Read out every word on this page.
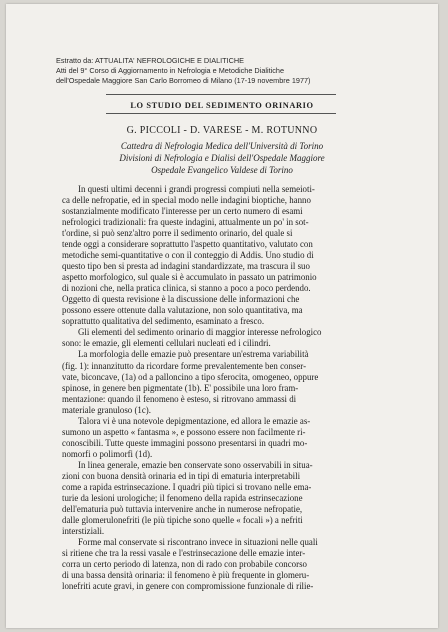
Estratto da: ATTUALITA' NEFROLOGICHE E DIALITICHE
Atti del 9° Corso di Aggiornamento in Nefrologia e Metodiche Dialitiche
dell'Ospedale Maggiore San Carlo Borromeo di Milano (17-19 novembre 1977)
LO STUDIO DEL SEDIMENTO ORINARIO
G. PICCOLI - D. VARESE - M. ROTUNNO
Cattedra di Nefrologia Medica dell'Università di Torino
Divisioni di Nefrologia e Dialisi dell'Ospedale Maggiore
Ospedale Evangelico Valdese di Torino
In questi ultimi decenni i grandi progressi compiuti nella semeioti-
ca delle nefropatie, ed in special modo nelle indagini bioptiche, hanno
sostanzialmente modificato l'interesse per un certo numero di esami
nefrologici tradizionali: fra queste indagini, attualmente un po' in sot-
t'ordine, si può senz'altro porre il sedimento orinario, del quale si
tende oggi a considerare soprattutto l'aspetto quantitativo, valutato con
metodiche semi-quantitative o con il conteggio di Addis. Uno studio di
questo tipo ben si presta ad indagini standardizzate, ma trascura il suo
aspetto morfologico, sul quale si è accumulato in passato un patrimonio
di nozioni che, nella pratica clinica, si stanno a poco a poco perdendo.
Oggetto di questa revisione è la discussione delle informazioni che
possono essere ottenute dalla valutazione, non solo quantitativa, ma
soprattutto qualitativa del sedimento, esaminato a fresco.
Gli elementi del sedimento orinario di maggior interesse nefrologico
sono: le emazie, gli elementi cellulari nucleati ed i cilindri.
La morfologia delle emazie può presentare un'estrema variabilità
(fig. 1): innanzitutto da ricordare forme prevalentemente ben conser-
vate, biconcave, (1a) od a palloncino a tipo sferocita, omogeneo, oppure
spinose, in genere ben pigmentate (1b). E' possibile una loro fram-
mentazione: quando il fenomeno è esteso, si ritrovano ammassi di
materiale granuloso (1c).
Talora vi è una notevole depigmentazione, ed allora le emazie as-
sumono un aspetto « fantasma », e possono essere non facilmente ri-
conoscibili. Tutte queste immagini possono presentarsi in quadri mo-
nomorfi o polimorfi (1d).
In linea generale, emazie ben conservate sono osservabili in situa-
zioni con buona densità orinaria ed in tipi di ematuria interpretabili
come a rapida estrinsecazione. I quadri più tipici si trovano nelle ema-
turie da lesioni urologiche; il fenomeno della rapida estrinsecazione
dell'ematuria può tuttavia intervenire anche in numerose nefropatie,
dalle glomerulonefriti (le più tipiche sono quelle « focali ») a nefriti
interstiziali.
Forme mal conservate si riscontrano invece in situazioni nelle quali
si ritiene che tra la ressi vasale e l'estrinsecazione delle emazie inter-
corra un certo periodo di latenza, non di rado con probabile concorso
di una bassa densità orinaria: il fenomeno è più frequente in glomeru-
lonefriti acute gravi, in genere con compromissione funzionale di rilie-
